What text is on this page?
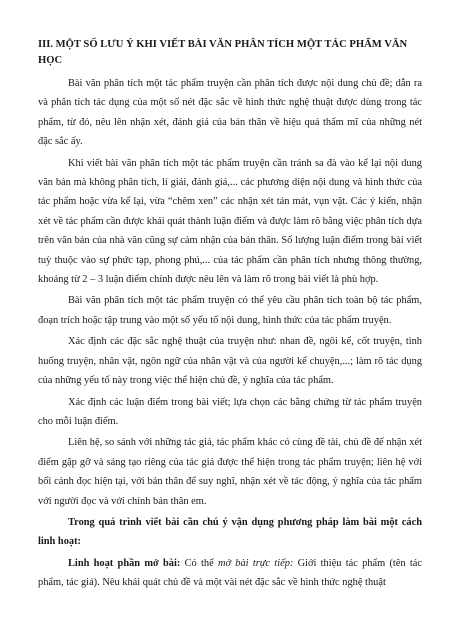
III. MỘT SỐ LƯU Ý KHI VIẾT BÀI VĂN PHÂN TÍCH MỘT TÁC PHẨM VĂN HỌC

Bài văn phân tích một tác phẩm truyện cần phân tích được nội dung chủ đề; dẫn ra và phân tích tác dụng của một số nét đặc sắc về hình thức nghệ thuật được dùng trong tác phẩm, từ đó, nêu lên nhận xét, đánh giá của bản thân về hiệu quả thẩm mĩ của những nét đặc sắc ấy.

Khi viết bài văn phân tích một tác phẩm truyện cần tránh sa đà vào kể lại nội dung văn bản mà không phân tích, lí giải, đánh giá,... các phương diện nội dung và hình thức của tác phẩm hoặc vừa kể lại, vừa “chêm xen” các nhận xét tản mát, vụn vặt. Các ý kiến, nhận xét về tác phẩm cần được khái quát thành luận điểm và được làm rõ bằng việc phân tích dựa trên văn bản của nhà văn cũng sự cảm nhận của bản thân. Số lượng luận điểm trong bài viết tuỳ thuộc vào sự phức tạp, phong phú,... của tác phẩm cần phân tích nhưng thông thường, khoảng từ 2 – 3 luận điểm chính được nêu lên và làm rõ trong bài viết là phù hợp.

Bài văn phân tích một tác phẩm truyện có thể yêu cầu phân tích toàn bộ tác phẩm, đoạn trích hoặc tập trung vào một số yếu tố nội dung, hình thức của tác phẩm truyện.

Xác định các đặc sắc nghệ thuật của truyện như: nhan đề, ngôi kể, cốt truyện, tình huống truyện, nhân vật, ngôn ngữ của nhân vật và của người kể chuyện,...; làm rõ tác dụng của những yếu tố này trong việc thể hiện chủ đề, ý nghĩa của tác phẩm.

Xác định các luận điểm trong bài viết; lựa chọn các bằng chứng từ tác phẩm truyện cho mỗi luận điểm.

Liên hệ, so sánh với những tác giả, tác phẩm khác có cùng đề tài, chủ đề để nhận xét điểm gặp gỡ và sáng tạo riêng của tác giả được thể hiện trong tác phẩm truyện; liên hệ với bối cảnh đọc hiện tại, với bản thân để suy nghĩ, nhận xét về tác động, ý nghĩa của tác phẩm với người đọc và với chính bản thân em.

Trong quá trình viết bài cần chú ý vận dụng phương pháp làm bài một cách linh hoạt:

Linh hoạt phần mở bài: Có thể mở bài trực tiếp: Giới thiệu tác phẩm (tên tác phẩm, tác giả). Nêu khái quát chủ đề và một vài nét đặc sắc về hình thức nghệ thuật
